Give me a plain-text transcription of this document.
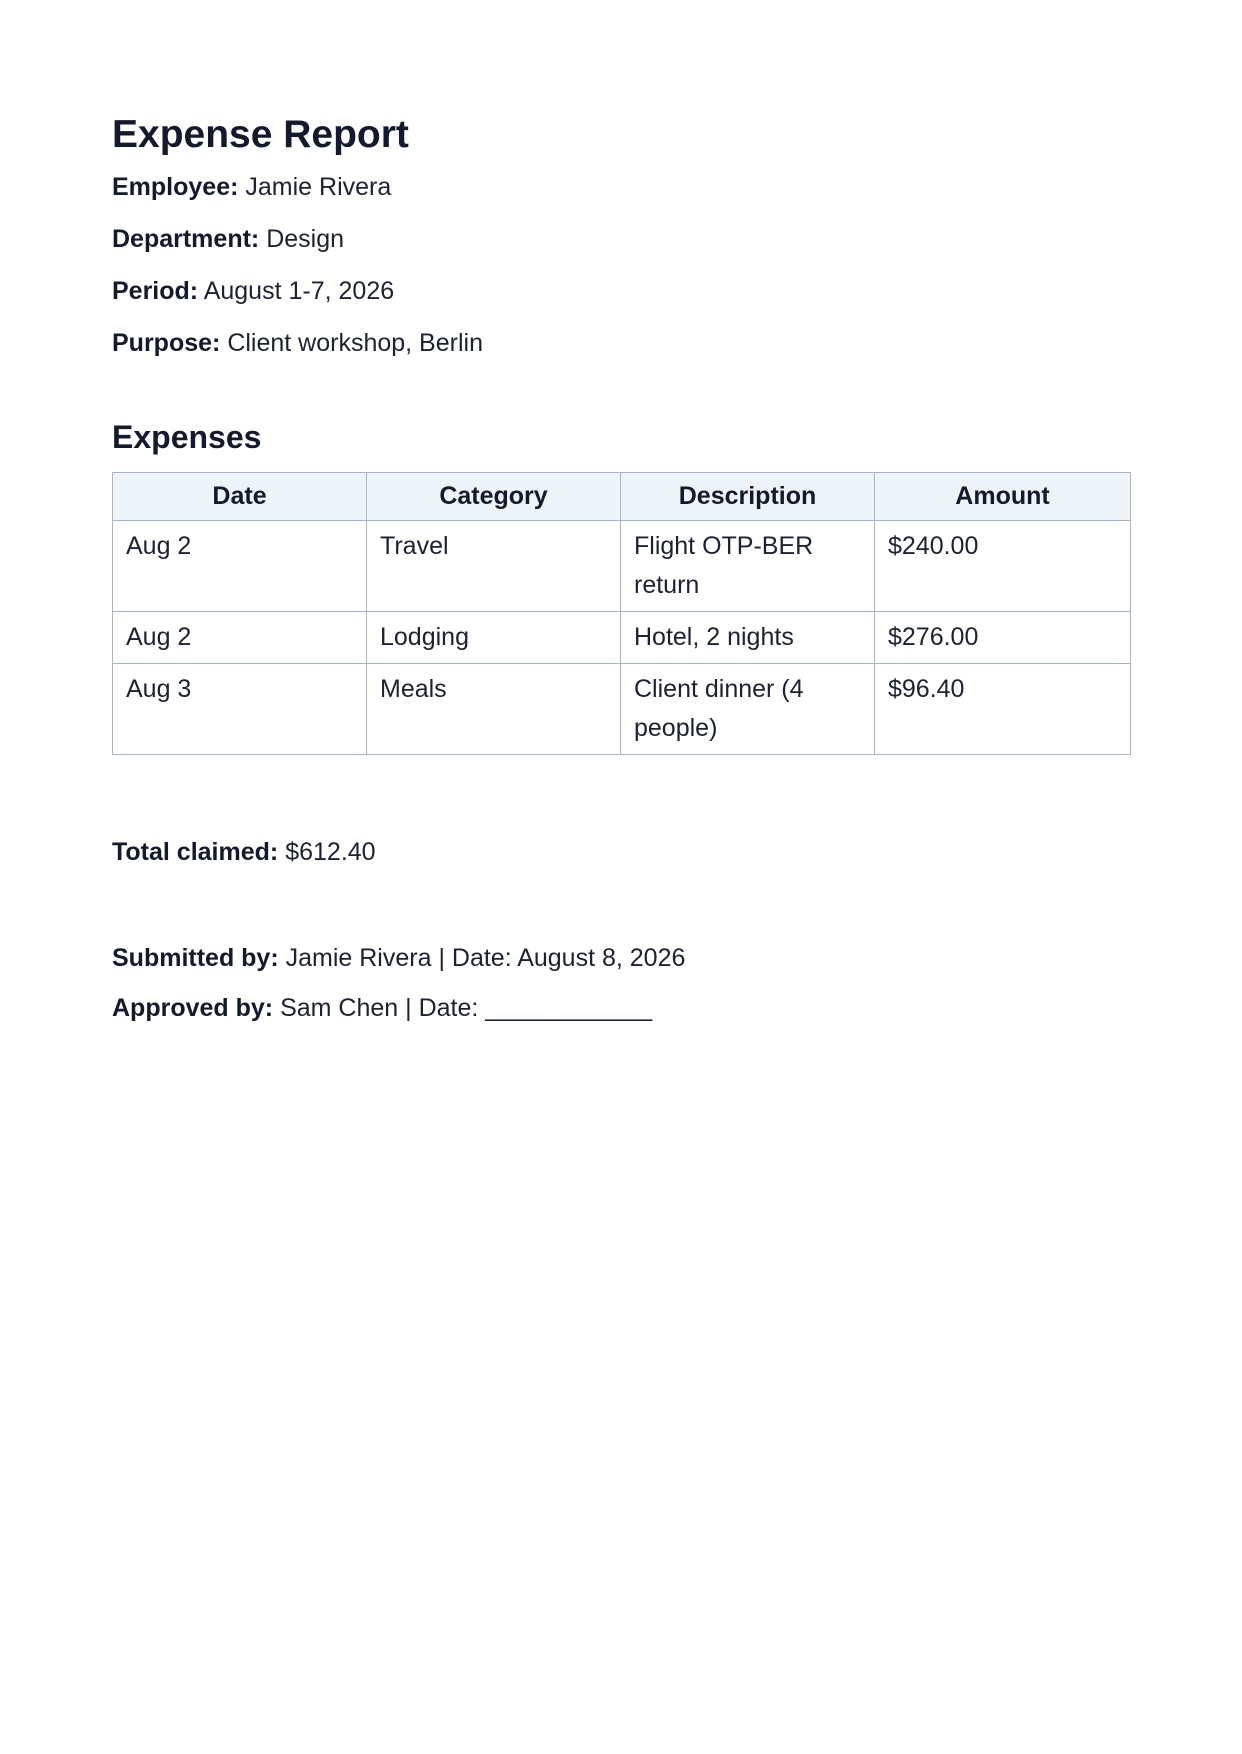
Expense Report

Employee: Jamie Rivera

Department: Design

Period: August 1-7, 2026

Purpose: Client workshop, Berlin

Expenses
Date	Category	Description	Amount
Aug 2	Travel	Flight OTP-BER return	$240.00
Aug 2	Lodging	Hotel, 2 nights	$276.00
Aug 3	Meals	Client dinner (4 people)	$96.40

Total claimed: $612.40

Submitted by: Jamie Rivera | Date: August 8, 2026

Approved by: Sam Chen | Date: ____________
